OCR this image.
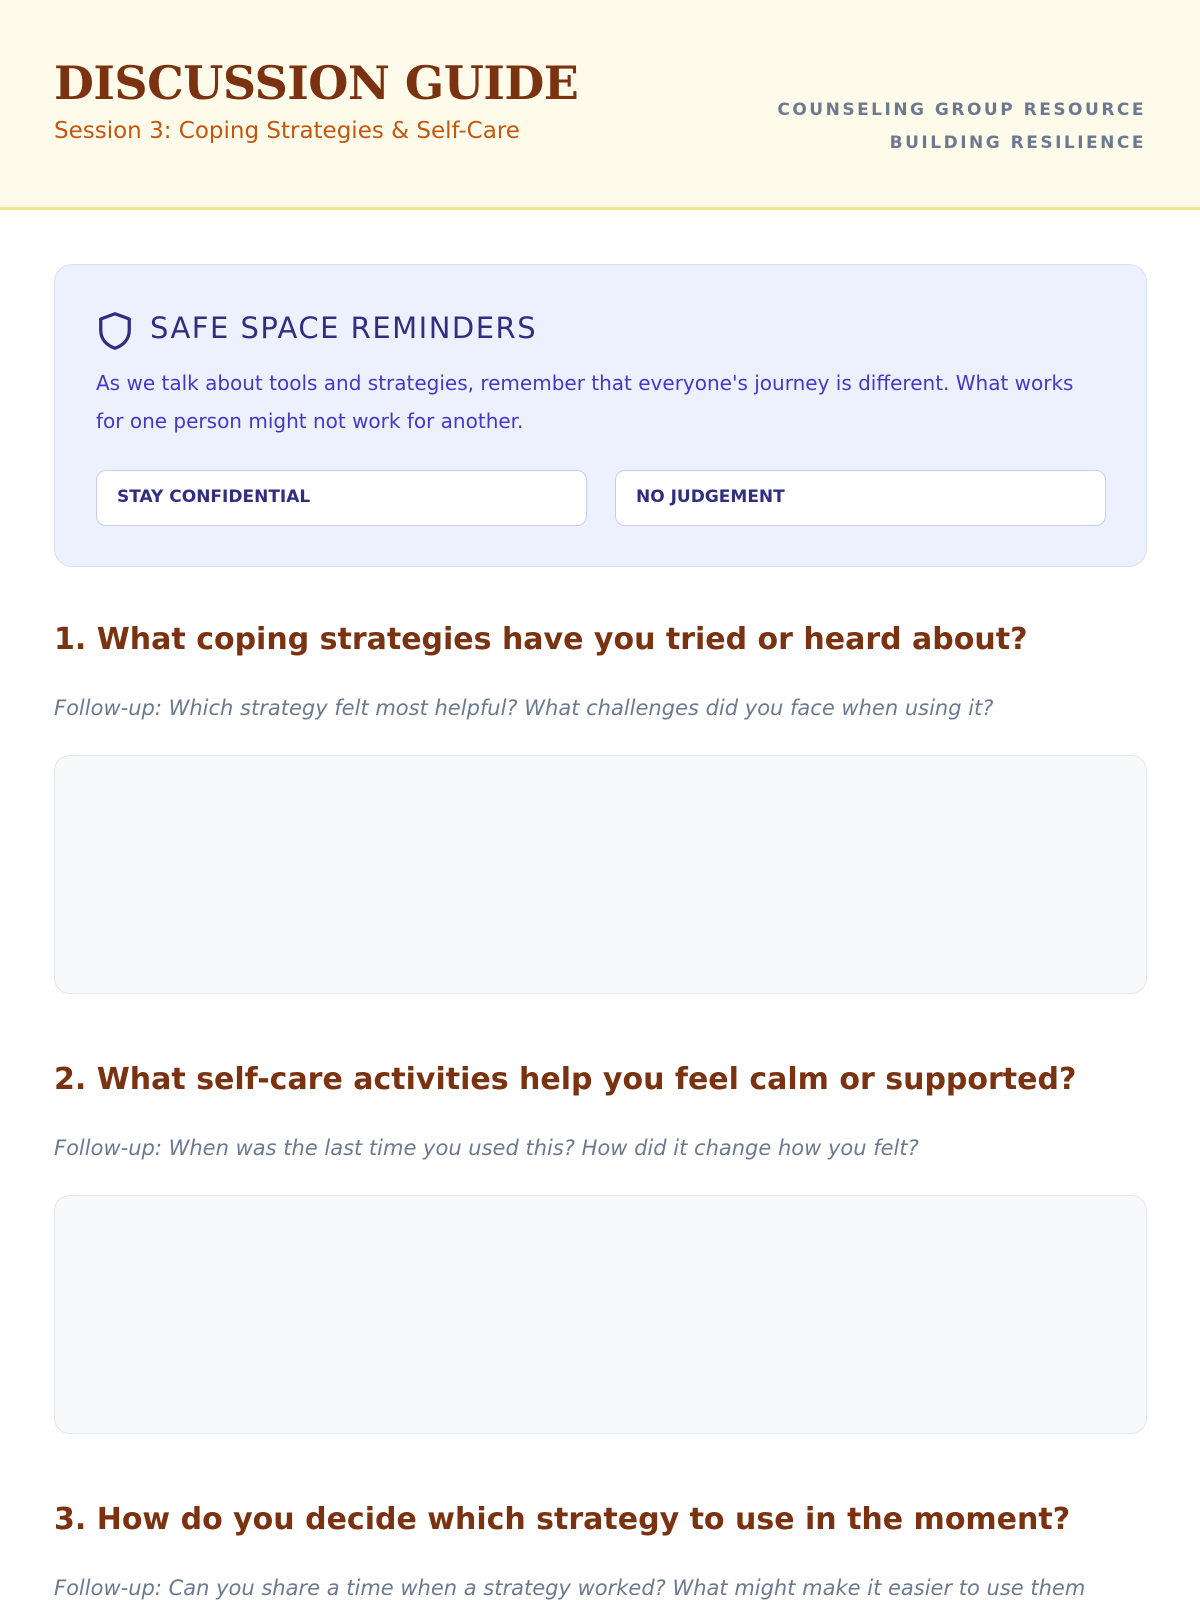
DISCUSSION GUIDE
Session 3: Coping Strategies & Self-Care
COUNSELING GROUP RESOURCE
BUILDING RESILIENCE
SAFE SPACE REMINDERS
As we talk about tools and strategies, remember that everyone's journey is different. What works for one person might not work for another.
STAY CONFIDENTIAL	NO JUDGEMENT
1. What coping strategies have you tried or heard about?
Follow-up: Which strategy felt most helpful? What challenges did you face when using it?
2. What self-care activities help you feel calm or supported?
Follow-up: When was the last time you used this? How did it change how you felt?
3. How do you decide which strategy to use in the moment?
Follow-up: Can you share a time when a strategy worked? What might make it easier to use them
